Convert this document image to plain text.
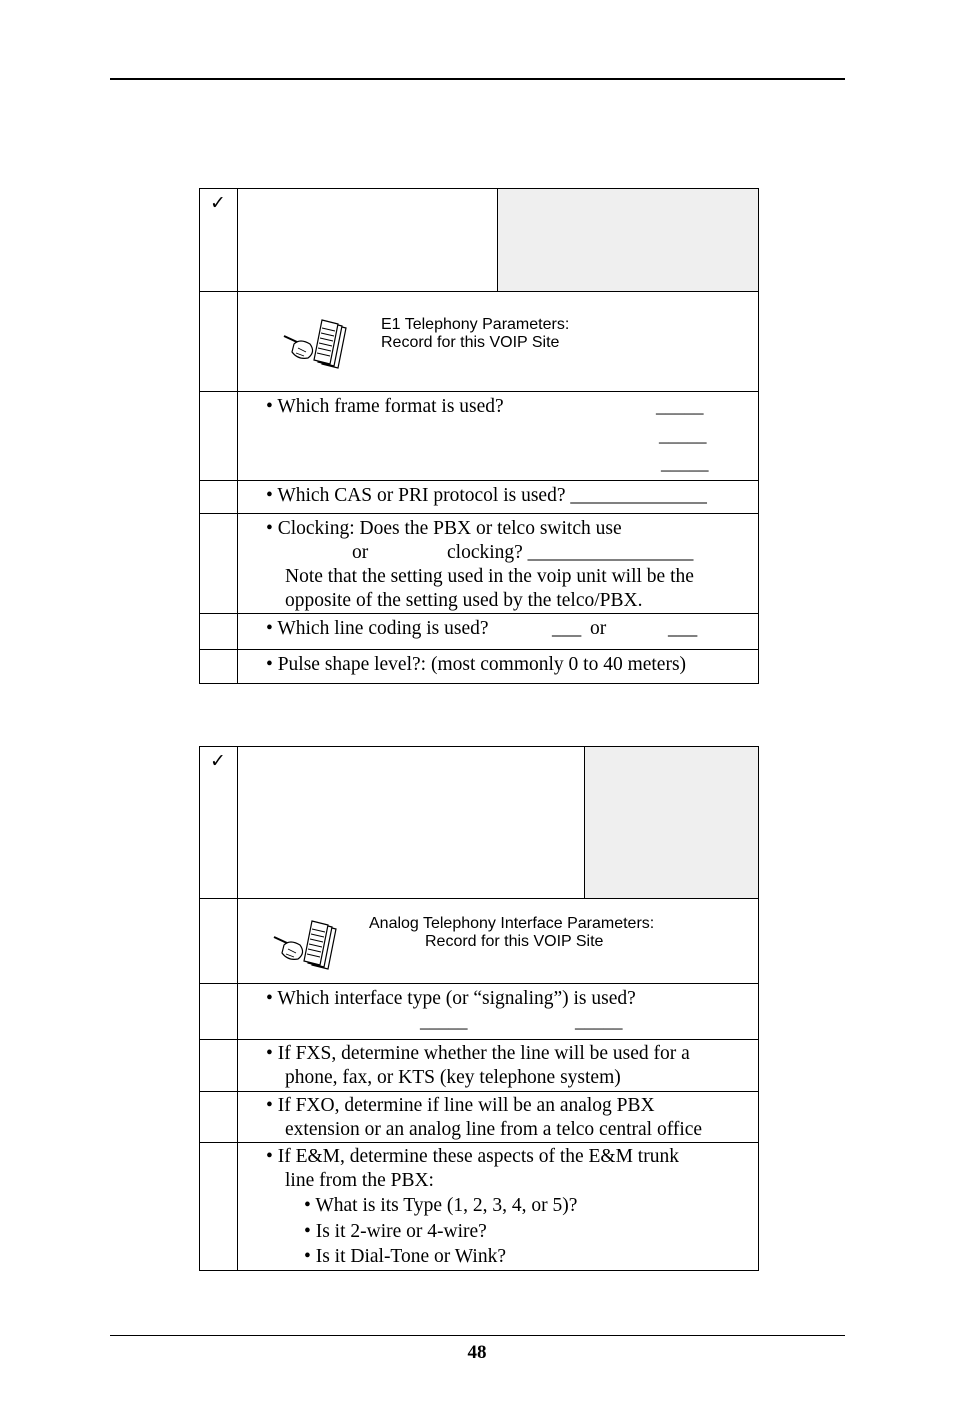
✓
E1 Telephony Parameters:
Record for this VOIP Site
• Which frame format is used?	_____
_____
_____
• Which CAS or PRI protocol is used? ______________
• Clocking: Does the PBX or telco switch use
or	clocking? _________________
Note that the setting used in the voip unit will be the
opposite of the setting used by the telco/PBX.
• Which line coding is used?	___ or	___
• Pulse shape level?: (most commonly 0 to 40 meters)
✓
Analog Telephony Interface Parameters:
Record for this VOIP Site
• Which interface type (or “signaling”) is used?
_____	_____
• If FXS, determine whether the line will be used for a
phone, fax, or KTS (key telephone system)
• If FXO, determine if line will be an analog PBX
extension or an analog line from a telco central office
• If E&M, determine these aspects of the E&M trunk
line from the PBX:
• What is its Type (1, 2, 3, 4, or 5)?
• Is it 2-wire or 4-wire?
• Is it Dial-Tone or Wink?
48
